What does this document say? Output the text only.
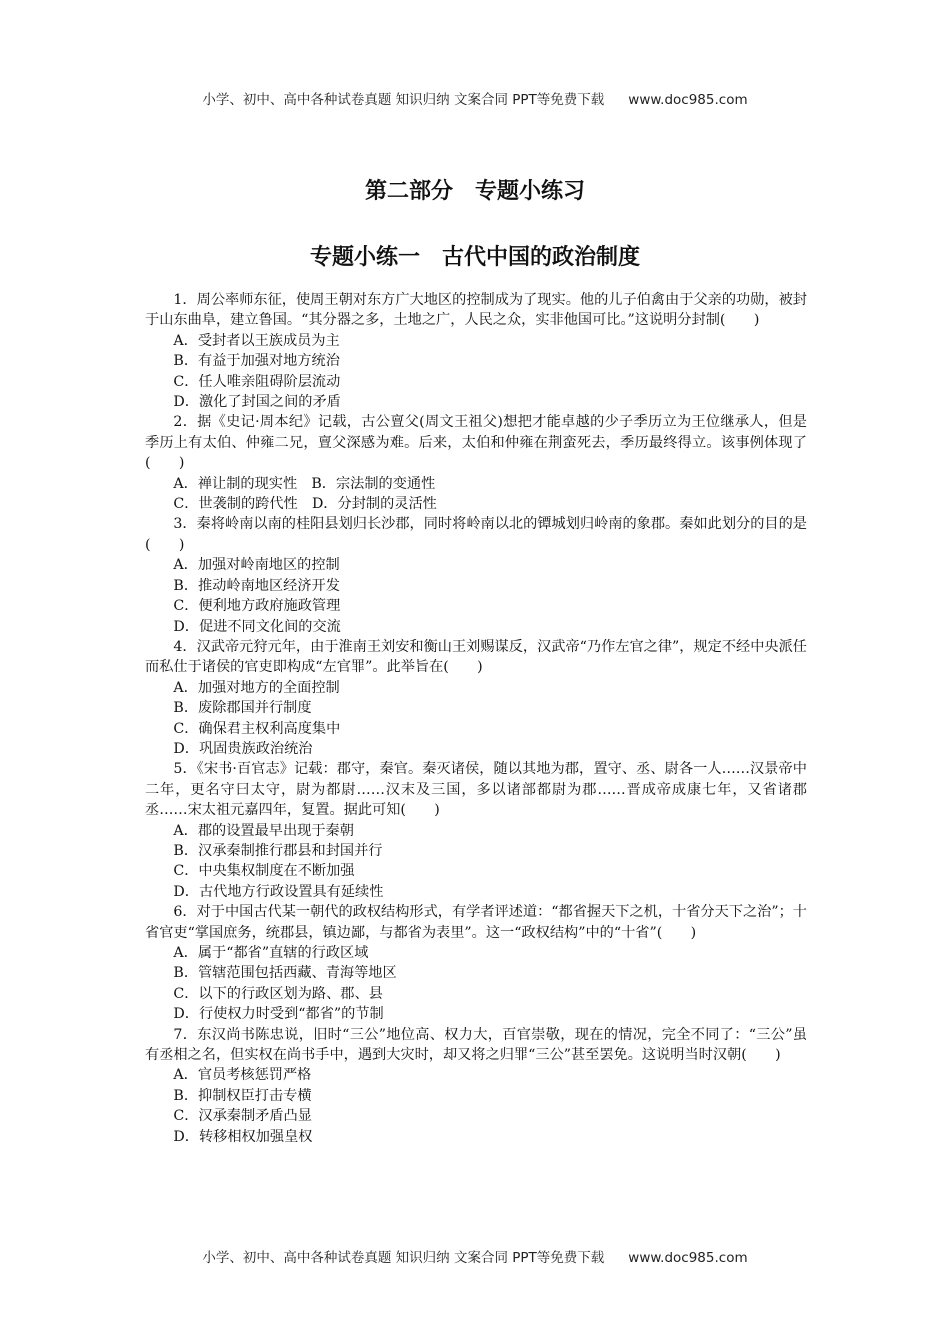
小学、初中、高中各种试卷真题 知识归纳 文案合同 PPT等免费下载 www.doc985.com
第二部分　专题小练习
专题小练一　古代中国的政治制度
1．周公率师东征，使周王朝对东方广大地区的控制成为了现实。他的儿子伯禽由于父亲的功勋，被封于山东曲阜，建立鲁国。“其分器之多，土地之广，人民之众，实非他国可比。”这说明分封制(　　)
A．受封者以王族成员为主
B．有益于加强对地方统治
C．任人唯亲阻碍阶层流动
D．激化了封国之间的矛盾
2．据《史记·周本纪》记载，古公亶父(周文王祖父)想把才能卓越的少子季历立为王位继承人，但是季历上有太伯、仲雍二兄，亶父深感为难。后来，太伯和仲雍在荆蛮死去，季历最终得立。该事例体现了(　　)
A．禅让制的现实性 B．宗法制的变通性
C．世袭制的跨代性 D．分封制的灵活性
3．秦将岭南以南的桂阳县划归长沙郡，同时将岭南以北的镡城划归岭南的象郡。秦如此划分的目的是(　　)
A．加强对岭南地区的控制
B．推动岭南地区经济开发
C．便利地方政府施政管理
D．促进不同文化间的交流
4．汉武帝元狩元年，由于淮南王刘安和衡山王刘赐谋反，汉武帝“乃作左官之律”，规定不经中央派任而私仕于诸侯的官吏即构成“左官罪”。此举旨在(　　)
A．加强对地方的全面控制
B．废除郡国并行制度
C．确保君主权利高度集中
D．巩固贵族政治统治
5．《宋书·百官志》记载：郡守，秦官。秦灭诸侯，随以其地为郡，置守、丞、尉各一人……汉景帝中二年，更名守曰太守，尉为都尉……汉末及三国，多以诸部都尉为郡……晋成帝成康七年，又省诸郡丞……宋太祖元嘉四年，复置。据此可知(　　)
A．郡的设置最早出现于秦朝
B．汉承秦制推行郡县和封国并行
C．中央集权制度在不断加强
D．古代地方行政设置具有延续性
6．对于中国古代某一朝代的政权结构形式，有学者评述道：“都省握天下之机，十省分天下之治”；十省官吏“掌国庶务，统郡县，镇边鄙，与都省为表里”。这一“政权结构”中的“十省”(　　)
A．属于“都省”直辖的行政区域
B．管辖范围包括西藏、青海等地区
C．以下的行政区划为路、郡、县
D．行使权力时受到“都省”的节制
7．东汉尚书陈忠说，旧时“三公”地位高、权力大，百官崇敬，现在的情况，完全不同了：“三公”虽有丞相之名，但实权在尚书手中，遇到大灾时，却又将之归罪“三公”甚至罢免。这说明当时汉朝(　　)
A．官员考核惩罚严格
B．抑制权臣打击专横
C．汉承秦制矛盾凸显
D．转移相权加强皇权
小学、初中、高中各种试卷真题 知识归纳 文案合同 PPT等免费下载 www.doc985.com
